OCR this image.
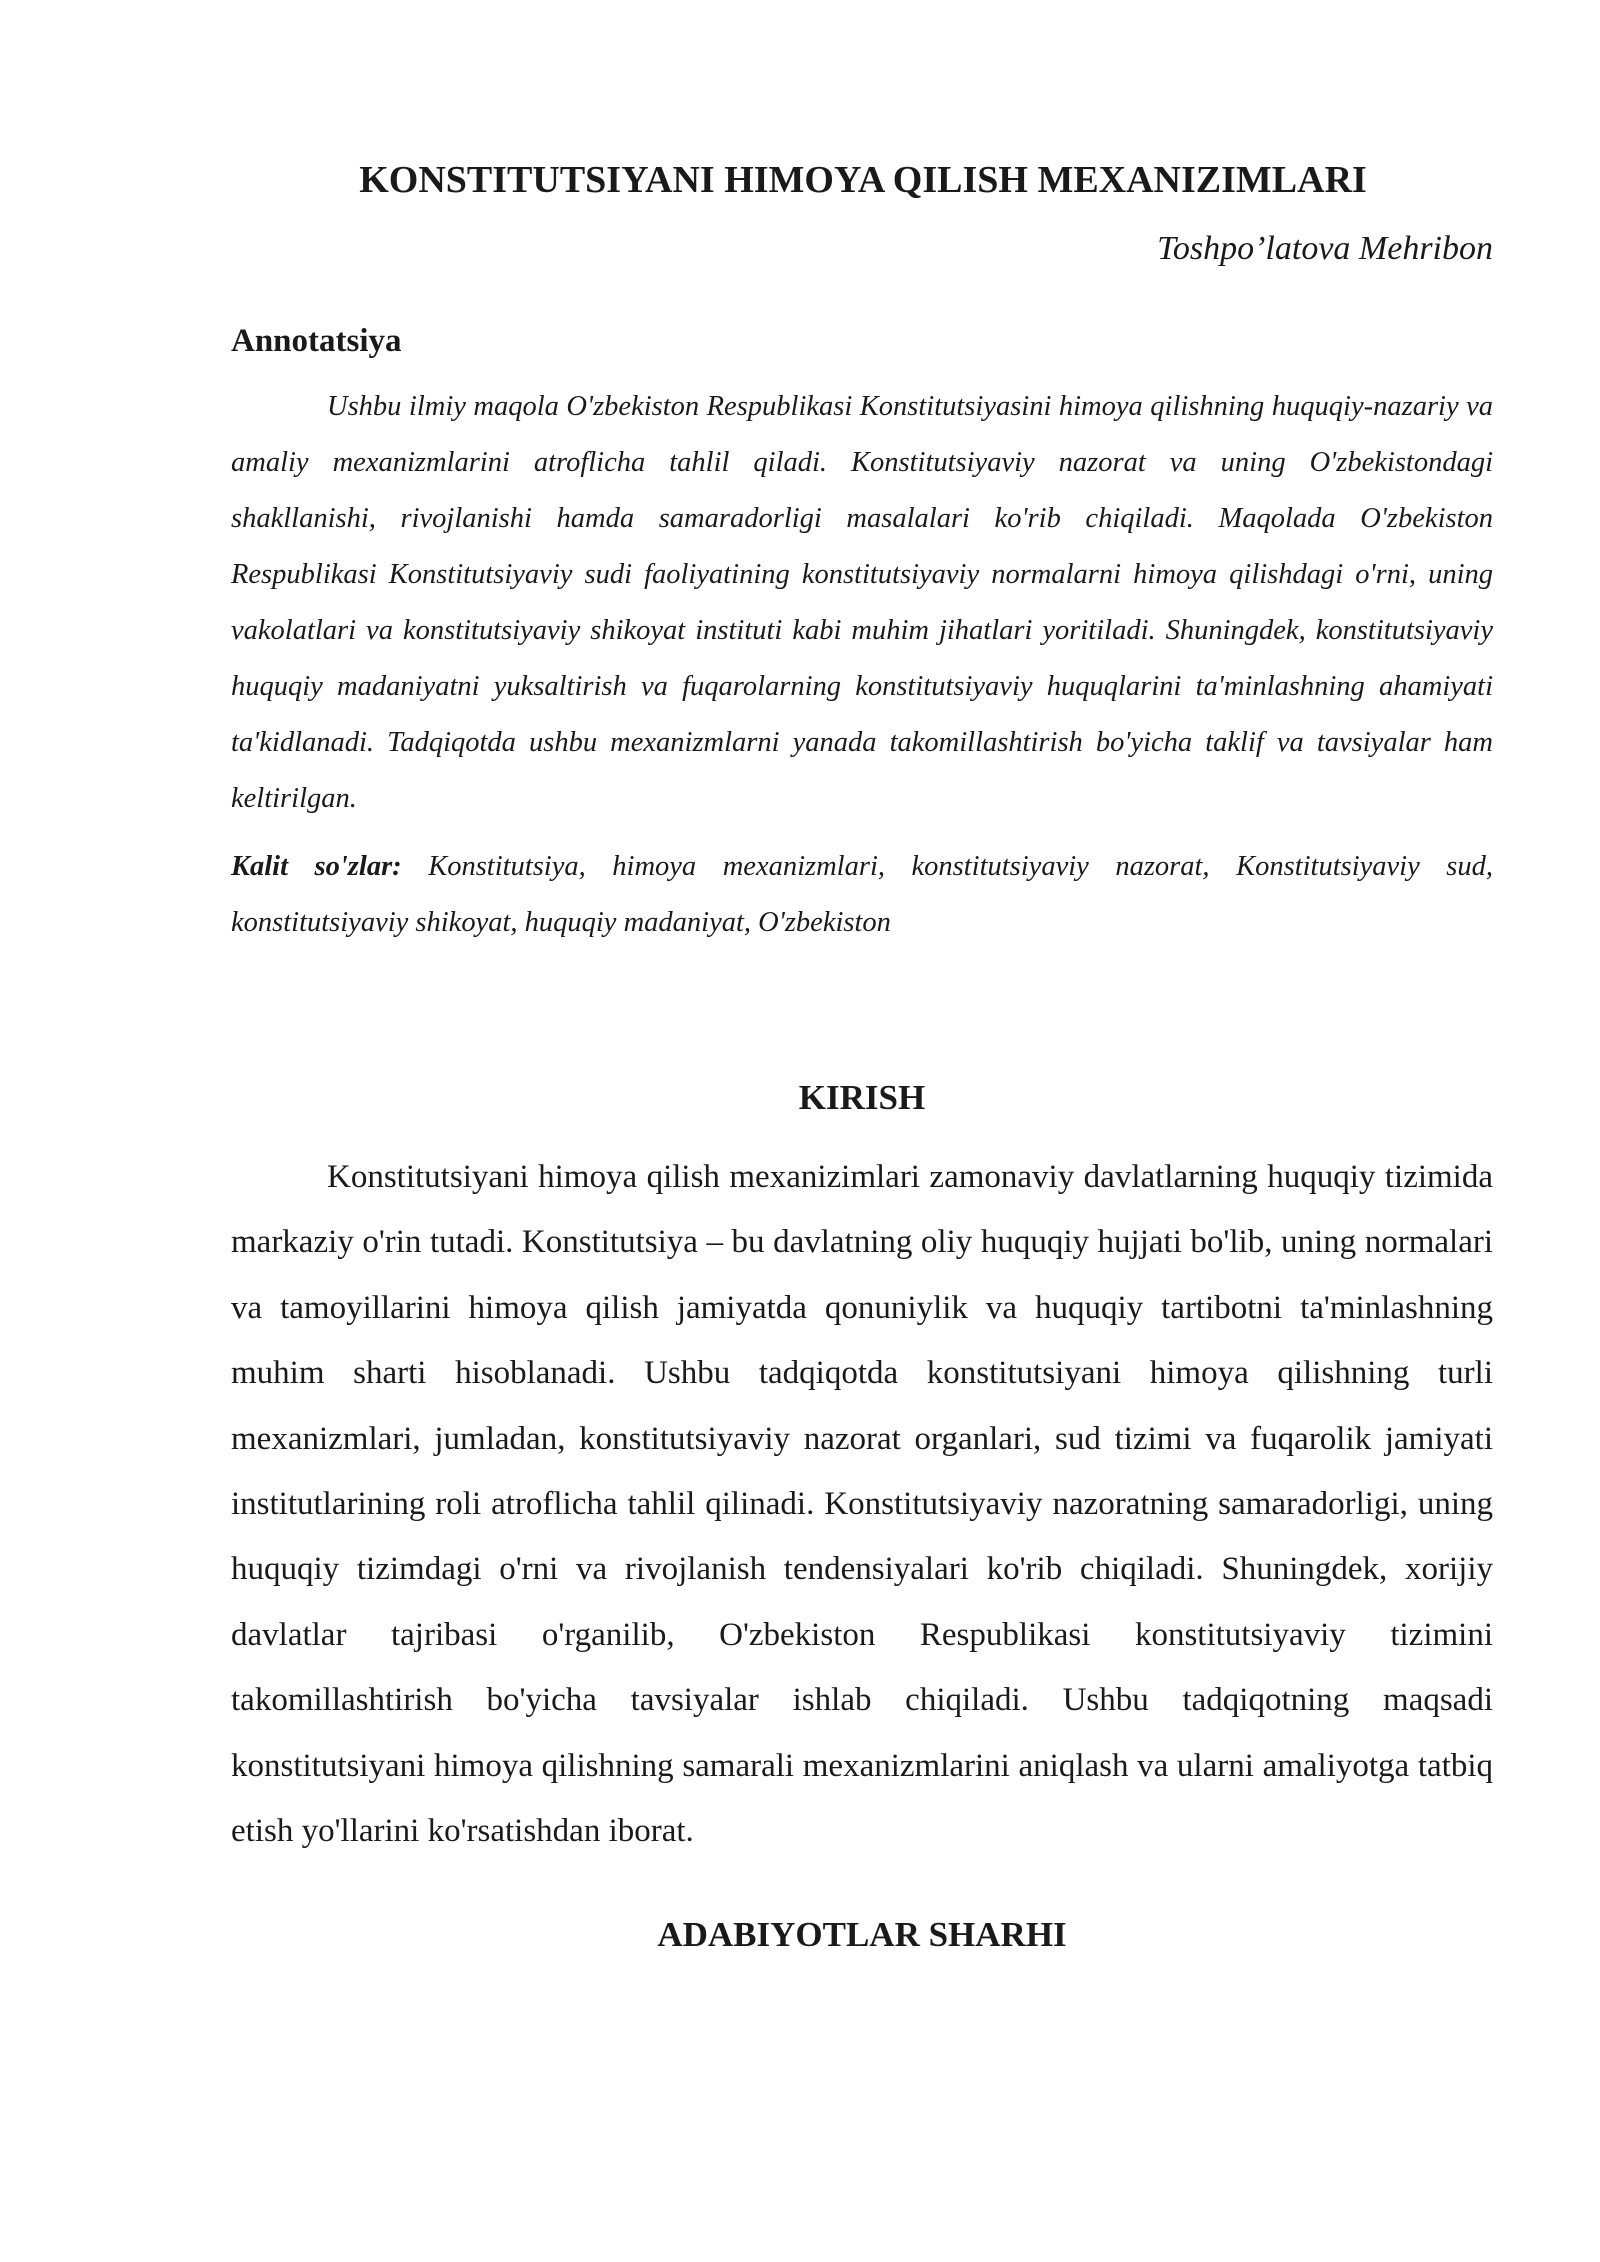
KONSTITUTSIYANI HIMOYA QILISH MEXANIZIMLARI
Toshpo’latova Mehribon
Annotatsiya

Ushbu ilmiy maqola O'zbekiston Respublikasi Konstitutsiyasini himoya qilishning huquqiy-nazariy va amaliy mexanizmlarini atroflicha tahlil qiladi. Konstitutsiyaviy nazorat va uning O'zbekistondagi shakllanishi, rivojlanishi hamda samaradorligi masalalari ko'rib chiqiladi. Maqolada O'zbekiston Respublikasi Konstitutsiyaviy sudi faoliyatining konstitutsiyaviy normalarni himoya qilishdagi o'rni, uning vakolatlari va konstitutsiyaviy shikoyat instituti kabi muhim jihatlari yoritiladi. Shuningdek, konstitutsiyaviy huquqiy madaniyatni yuksaltirish va fuqarolarning konstitutsiyaviy huquqlarini ta'minlashning ahamiyati ta'kidlanadi. Tadqiqotda ushbu mexanizmlarni yanada takomillashtirish bo'yicha taklif va tavsiyalar ham keltirilgan.

Kalit so'zlar: Konstitutsiya, himoya mexanizmlari, konstitutsiyaviy nazorat, Konstitutsiyaviy sud, konstitutsiyaviy shikoyat, huquqiy madaniyat, O'zbekiston

KIRISH

Konstitutsiyani himoya qilish mexanizimlari zamonaviy davlatlarning huquqiy tizimida markaziy o'rin tutadi. Konstitutsiya – bu davlatning oliy huquqiy hujjati bo'lib, uning normalari va tamoyillarini himoya qilish jamiyatda qonuniylik va huquqiy tartibotni ta'minlashning muhim sharti hisoblanadi. Ushbu tadqiqotda konstitutsiyani himoya qilishning turli mexanizmlari, jumladan, konstitutsiyaviy nazorat organlari, sud tizimi va fuqarolik jamiyati institutlarining roli atroflicha tahlil qilinadi. Konstitutsiyaviy nazoratning samaradorligi, uning huquqiy tizimdagi o'rni va rivojlanish tendensiyalari ko'rib chiqiladi. Shuningdek, xorijiy davlatlar tajribasi o'rganilib, O'zbekiston Respublikasi konstitutsiyaviy tizimini takomillashtirish bo'yicha tavsiyalar ishlab chiqiladi. Ushbu tadqiqotning maqsadi konstitutsiyani himoya qilishning samarali mexanizmlarini aniqlash va ularni amaliyotga tatbiq etish yo'llarini ko'rsatishdan iborat.

ADABIYOTLAR SHARHI
